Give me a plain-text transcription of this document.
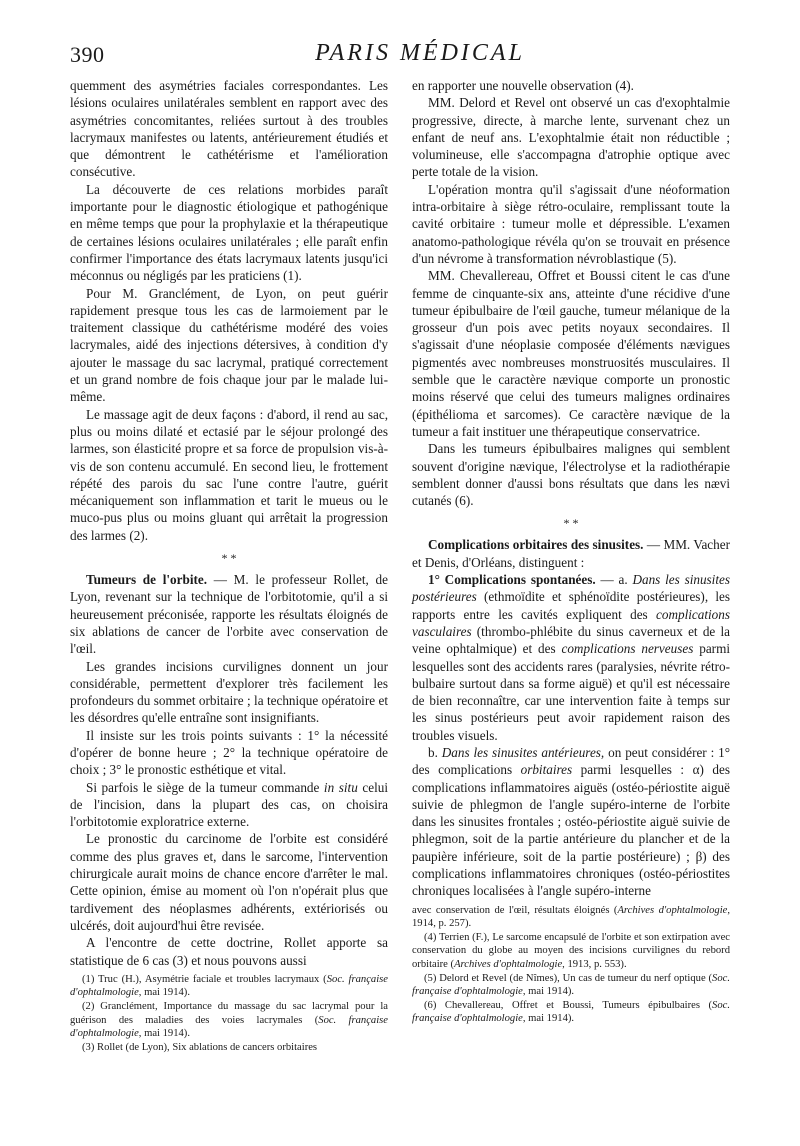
390	PARIS MÉDICAL

quemment des asymétries faciales correspondantes. Les lésions oculaires unilatérales semblent en rapport avec des asymétries concomitantes, reliées surtout à des troubles lacrymaux manifestes ou latents, antérieurement étudiés et que démontrent le cathétérisme et l'amélioration consécutive.

La découverte de ces relations morbides paraît importante pour le diagnostic étiologique et pathogénique en même temps que pour la prophylaxie et la thérapeutique de certaines lésions oculaires unilatérales ; elle paraît enfin confirmer l'importance des états lacrymaux latents jusqu'ici méconnus ou négligés par les praticiens (1).

Pour M. Granclément, de Lyon, on peut guérir rapidement presque tous les cas de larmoiement par le traitement classique du cathétérisme modéré des voies lacrymales, aidé des injections détersives, à condition d'y ajouter le massage du sac lacrymal, pratiqué correctement et un grand nombre de fois chaque jour par le malade lui-même.

Le massage agit de deux façons : d'abord, il rend au sac, plus ou moins dilaté et ectasié par le séjour prolongé des larmes, son élasticité propre et sa force de propulsion vis-à-vis de son contenu accumulé. En second lieu, le frottement répété des parois du sac l'une contre l'autre, guérit mécaniquement son inflammation et tarit le mueus ou le muco-pus plus ou moins gluant qui arrêtait la progression des larmes (2).

* *

Tumeurs de l'orbite. — M. le professeur Rollet, de Lyon, revenant sur la technique de l'orbitotomie, qu'il a si heureusement préconisée, rapporte les résultats éloignés de six ablations de cancer de l'orbite avec conservation de l'œil.

Les grandes incisions curvilignes donnent un jour considérable, permettent d'explorer très facilement les profondeurs du sommet orbitaire ; la technique opératoire et les désordres qu'elle entraîne sont insignifiants.

Il insiste sur les trois points suivants : 1° la nécessité d'opérer de bonne heure ; 2° la technique opératoire de choix ; 3° le pronostic esthétique et vital.

Si parfois le siège de la tumeur commande in situ celui de l'incision, dans la plupart des cas, on choisira l'orbitotomie exploratrice externe.

Le pronostic du carcinome de l'orbite est considéré comme des plus graves et, dans le sarcome, l'intervention chirurgicale aurait moins de chance encore d'arrêter le mal. Cette opinion, émise au moment où l'on n'opérait plus que tardivement des néoplasmes adhérents, extériorisés ou ulcérés, doit aujourd'hui être revisée.

A l'encontre de cette doctrine, Rollet apporte sa statistique de 6 cas (3) et nous pouvons aussi

(1) Truc (H.), Asymétrie faciale et troubles lacrymaux (Soc. française d'ophtalmologie, mai 1914).

(2) Granclément, Importance du massage du sac lacrymal pour la guérison des maladies des voies lacrymales (Soc. française d'ophtalmologie, mai 1914).

(3) Rollet (de Lyon), Six ablations de cancers orbitaires

en rapporter une nouvelle observation (4).

MM. Delord et Revel ont observé un cas d'exophtalmie progressive, directe, à marche lente, survenant chez un enfant de neuf ans. L'exophtalmie était non réductible ; volumineuse, elle s'accompagna d'atrophie optique avec perte totale de la vision.

L'opération montra qu'il s'agissait d'une néoformation intra-orbitaire à siège rétro-oculaire, remplissant toute la cavité orbitaire : tumeur molle et dépressible. L'examen anatomo-pathologique révéla qu'on se trouvait en présence d'un névrome à transformation névroblastique (5).

MM. Chevallereau, Offret et Boussi citent le cas d'une femme de cinquante-six ans, atteinte d'une récidive d'une tumeur épibulbaire de l'œil gauche, tumeur mélanique de la grosseur d'un pois avec petits noyaux secondaires. Il s'agissait d'une néoplasie composée d'éléments nævigues pigmentés avec nombreuses monstruosités musculaires. Il semble que le caractère nævique comporte un pronostic moins réservé que celui des tumeurs malignes ordinaires (épithélioma et sarcomes). Ce caractère nævique de la tumeur a fait instituer une thérapeutique conservatrice.

Dans les tumeurs épibulbaires malignes qui semblent souvent d'origine nævique, l'électrolyse et la radiothérapie semblent donner d'aussi bons résultats que dans les nævi cutanés (6).

* *

Complications orbitaires des sinusites. — MM. Vacher et Denis, d'Orléans, distinguent :

1° Complications spontanées. — a. Dans les sinusites postérieures (ethmoïdite et sphénoïdite postérieures), les rapports entre les cavités expliquent des complications vasculaires (thrombo-phlébite du sinus caverneux et de la veine ophtalmique) et des complications nerveuses parmi lesquelles sont des accidents rares (paralysies, névrite rétro-bulbaire surtout dans sa forme aiguë) et qu'il est nécessaire de bien reconnaître, car une intervention faite à temps sur les sinus postérieurs peut avoir rapidement raison des troubles visuels.

b. Dans les sinusites antérieures, on peut considérer : 1° des complications orbitaires parmi lesquelles : α) des complications inflammatoires aiguës (ostéo-périostite aiguë suivie de phlegmon de l'angle supéro-interne de l'orbite dans les sinusites frontales ; ostéo-périostite aiguë suivie de phlegmon, soit de la partie antérieure du plancher et de la paupière inférieure, soit de la partie postérieure) ; β) des complications inflammatoires chroniques (ostéo-périostites chroniques localisées à l'angle supéro-interne

avec conservation de l'œil, résultats éloignés (Archives d'ophtalmologie, 1914, p. 257).

(4) Terrien (F.), Le sarcome encapsulé de l'orbite et son extirpation avec conservation du globe au moyen des incisions curvilignes du rebord orbitaire (Archives d'ophtalmologie, 1913, p. 553).

(5) Delord et Revel (de Nîmes), Un cas de tumeur du nerf optique (Soc. française d'ophtalmologie, mai 1914).

(6) Chevallereau, Offret et Boussi, Tumeurs épibulbaires (Soc. française d'ophtalmologie, mai 1914).
